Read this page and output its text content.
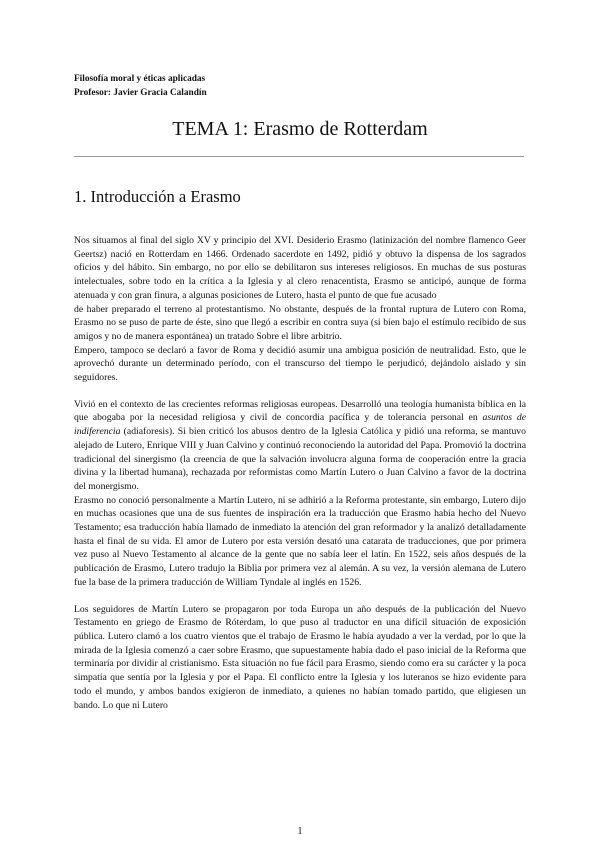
Filosofía moral y éticas aplicadas
Profesor: Javier Gracia Calandín
TEMA 1: Erasmo de Rotterdam
1. Introducción a Erasmo

Nos situamos al final del siglo XV y principio del XVI. Desiderio Erasmo (latinización del nombre flamenco Geer Geertsz) nació en Rotterdam en 1466. Ordenado sacerdote en 1492, pidió y obtuvo la dispensa de los sagrados oficios y del hábito. Sin embargo, no por ello se debilitaron sus intereses religiosos. En muchas de sus posturas intelectuales, sobre todo en la crítica a la Iglesia y al clero renacentista, Erasmo se anticipó, aunque de forma atenuada y con gran finura, a algunas posiciones de Lutero, hasta el punto de que fue acusado

de haber preparado el terreno al protestantismo. No obstante, después de la frontal ruptura de Lutero con Roma, Erasmo no se puso de parte de éste, sino que llegó a escribir en contra suya (si bien bajo el estímulo recibido de sus amigos y no de manera espontánea) un tratado Sobre el libre arbitrio.

Empero, tampoco se declaró a favor de Roma y decidió asumir una ambigua posición de neutralidad. Esto, que le aprovechó durante un determinado período, con el transcurso del tiempo le perjudicó, dejándolo aislado y sin seguidores.

Vivió en el contexto de las crecientes reformas religiosas europeas. Desarrolló una teología humanista bíblica en la que abogaba por la necesidad religiosa y civil de concordia pacífica y de tolerancia personal en asuntos de indiferencia (adiaforesis). Si bien criticó los abusos dentro de la Iglesia Católica y pidió una reforma, se mantuvo alejado de Lutero, Enrique VIII y Juan Calvino y continuó reconociendo la autoridad del Papa. Promovió la doctrina tradicional del sinergismo (la creencia de que la salvación involucra alguna forma de cooperación entre la gracia divina y la libertad humana), rechazada por reformistas como Martín Lutero o Juan Calvino a favor de la doctrina del monergismo.

Erasmo no conoció personalmente a Martín Lutero, ni se adhirió a la Reforma protestante, sin embargo, Lutero dijo en muchas ocasiones que una de sus fuentes de inspiración era la traducción que Erasmo había hecho del Nuevo Testamento; esa traducción había llamado de inmediato la atención del gran reformador y la analizó detalladamente hasta el final de su vida. El amor de Lutero por esta versión desató una catarata de traducciones, que por primera vez puso al Nuevo Testamento al alcance de la gente que no sabía leer el latín. En 1522, seis años después de la publicación de Erasmo, Lutero tradujo la Biblia por primera vez al alemán. A su vez, la versión alemana de Lutero fue la base de la primera traducción de William Tyndale al inglés en 1526.

Los seguidores de Martín Lutero se propagaron por toda Europa un año después de la publicación del Nuevo Testamento en griego de Erasmo de Róterdam, lo que puso al traductor en una difícil situación de exposición pública. Lutero clamó a los cuatro vientos que el trabajo de Erasmo le había ayudado a ver la verdad, por lo que la mirada de la Iglesia comenzó a caer sobre Erasmo, que supuestamente había dado el paso inicial de la Reforma que terminaría por dividir al cristianismo. Esta situación no fue fácil para Erasmo, siendo como era su carácter y la poca simpatía que sentía por la Iglesia y por el Papa. El conflicto entre la Iglesia y los luteranos se hizo evidente para todo el mundo, y ambos bandos exigieron de inmediato, a quienes no habían tomado partido, que eligiesen un bando. Lo que ni Lutero

1
